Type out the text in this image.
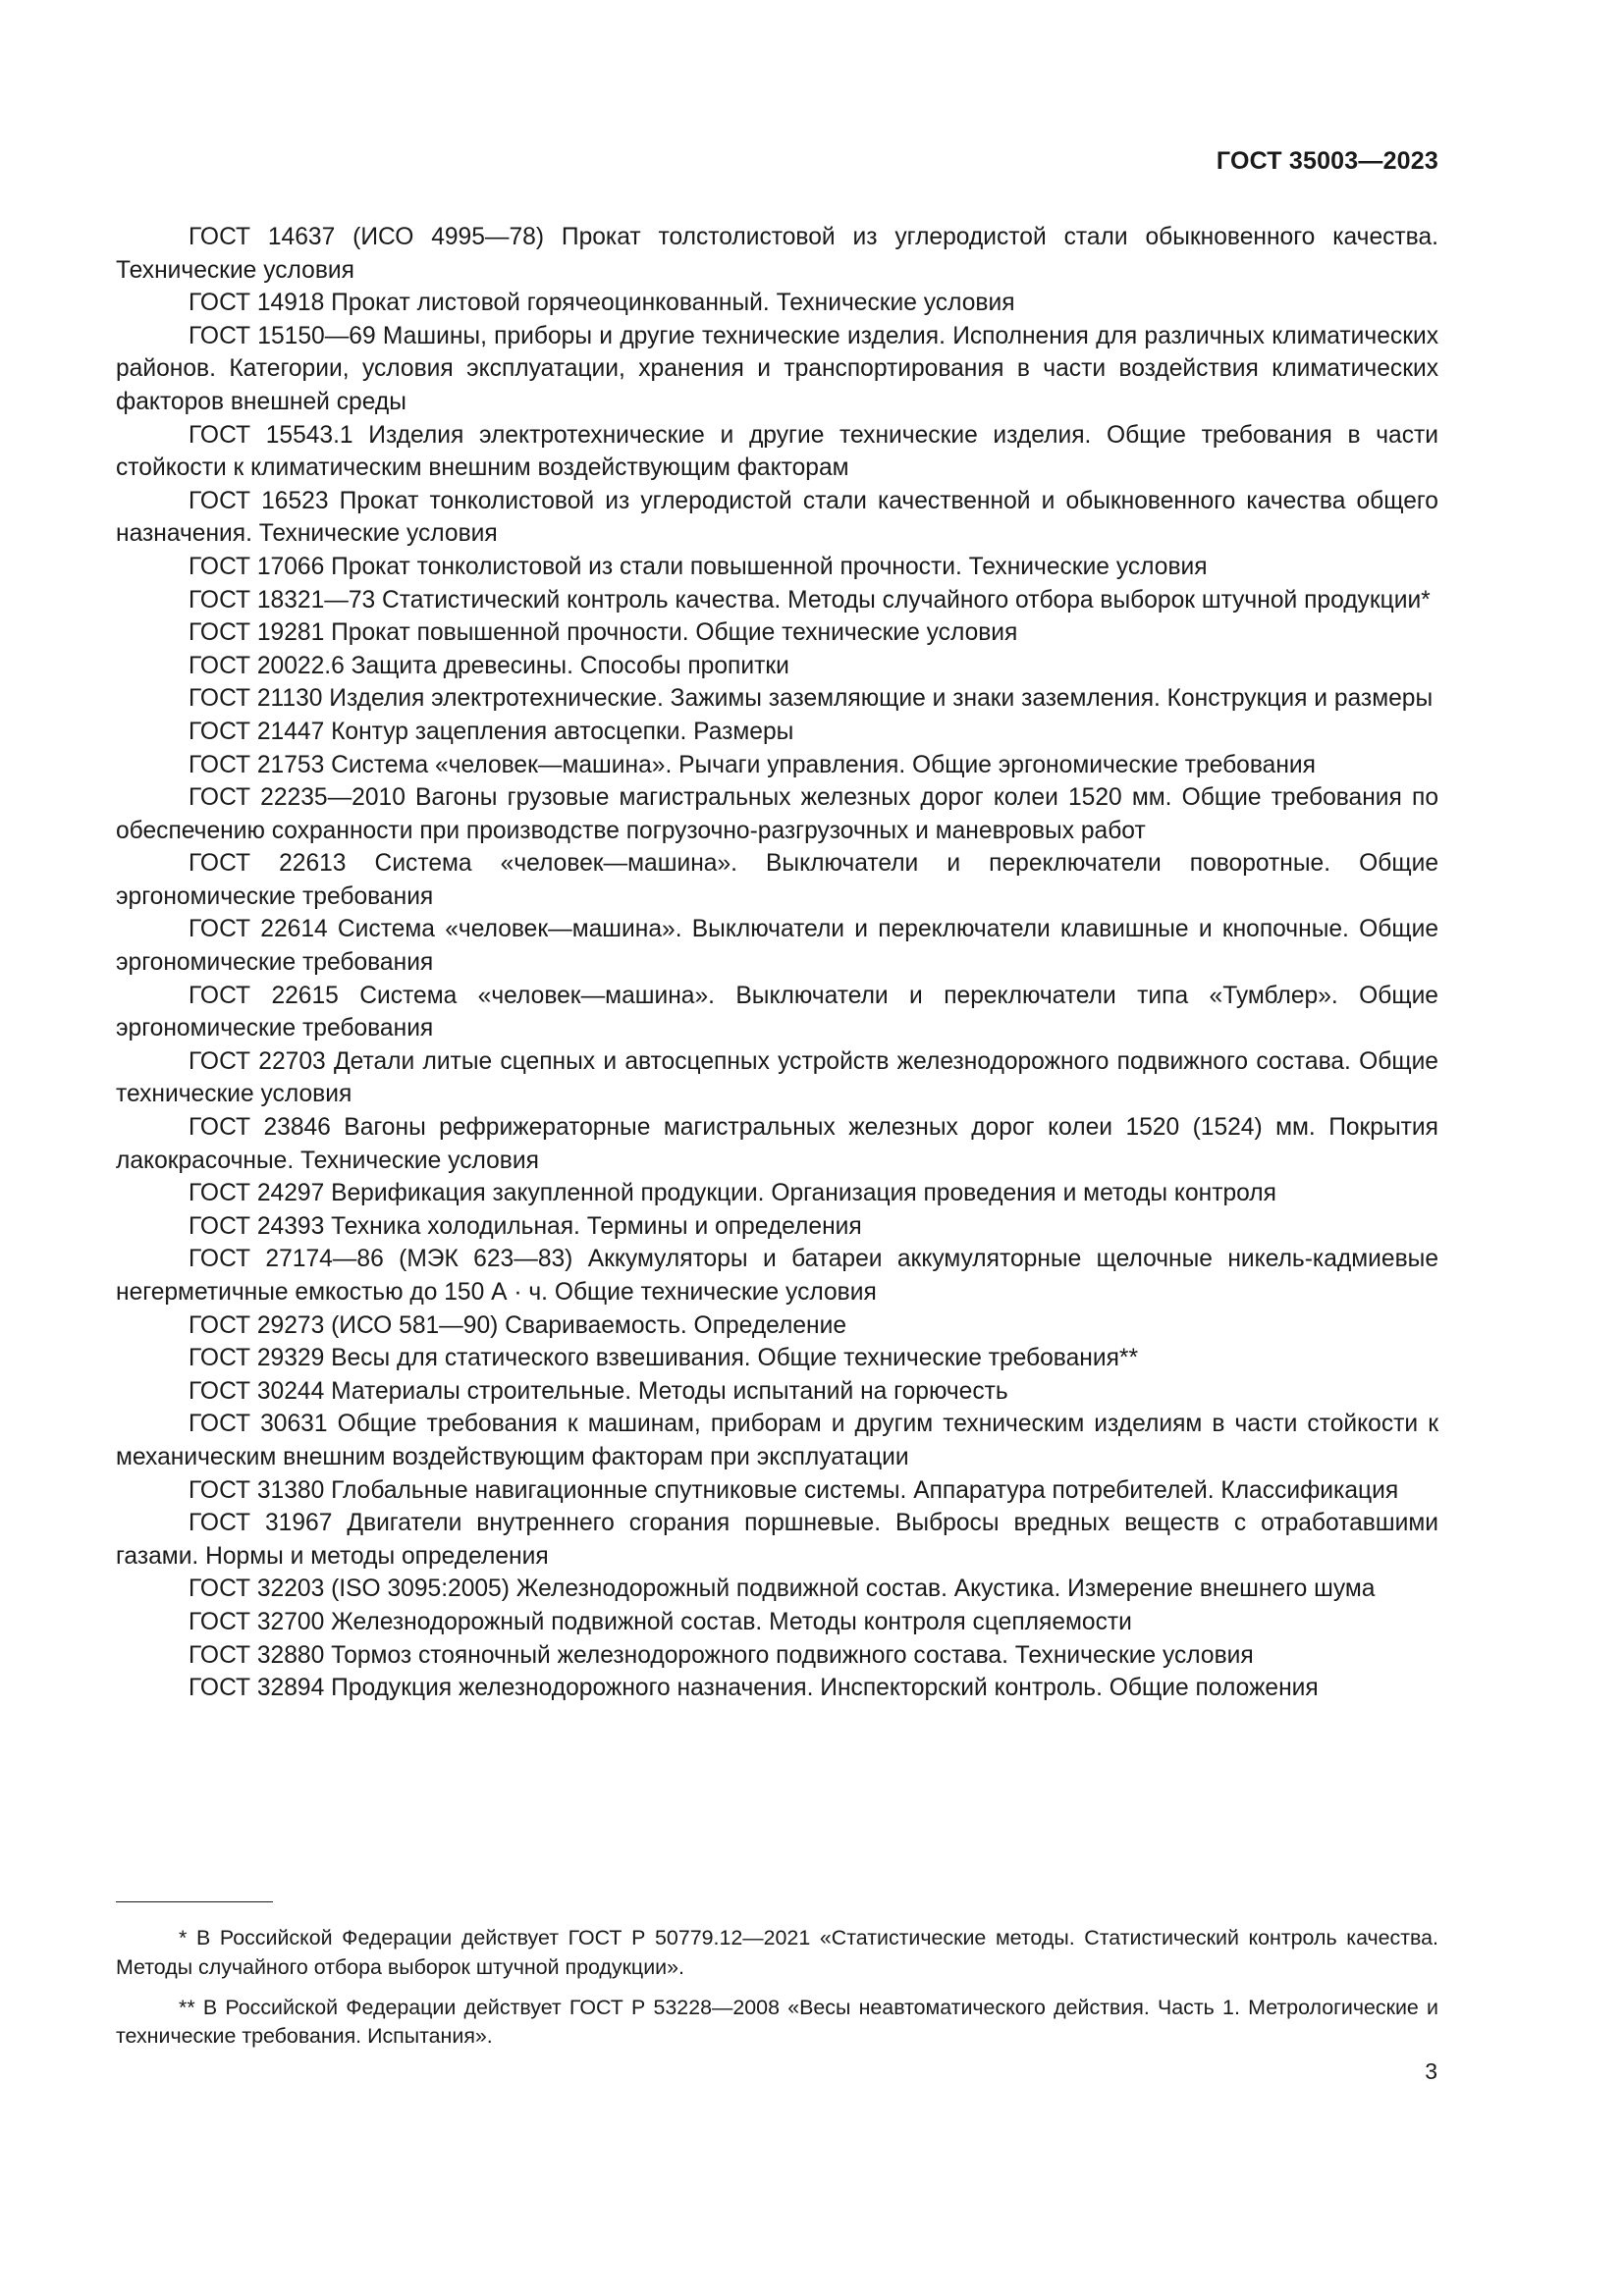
ГОСТ 35003—2023

ГОСТ 14637 (ИСО 4995—78) Прокат толстолистовой из углеродистой стали обыкновенного качества. Технические условия

ГОСТ 14918 Прокат листовой горячеоцинкованный. Технические условия

ГОСТ 15150—69 Машины, приборы и другие технические изделия. Исполнения для различных климатических районов. Категории, условия эксплуатации, хранения и транспортирования в части воздействия климатических факторов внешней среды

ГОСТ 15543.1 Изделия электротехнические и другие технические изделия. Общие требования в части стойкости к климатическим внешним воздействующим факторам

ГОСТ 16523 Прокат тонколистовой из углеродистой стали качественной и обыкновенного качества общего назначения. Технические условия

ГОСТ 17066 Прокат тонколистовой из стали повышенной прочности. Технические условия

ГОСТ 18321—73 Статистический контроль качества. Методы случайного отбора выборок штучной продукции*

ГОСТ 19281 Прокат повышенной прочности. Общие технические условия

ГОСТ 20022.6 Защита древесины. Способы пропитки

ГОСТ 21130 Изделия электротехнические. Зажимы заземляющие и знаки заземления. Конструкция и размеры

ГОСТ 21447 Контур зацепления автосцепки. Размеры

ГОСТ 21753 Система «человек—машина». Рычаги управления. Общие эргономические требования

ГОСТ 22235—2010 Вагоны грузовые магистральных железных дорог колеи 1520 мм. Общие требования по обеспечению сохранности при производстве погрузочно-разгрузочных и маневровых работ

ГОСТ 22613 Система «человек—машина». Выключатели и переключатели поворотные. Общие эргономические требования

ГОСТ 22614 Система «человек—машина». Выключатели и переключатели клавишные и кнопочные. Общие эргономические требования

ГОСТ 22615 Система «человек—машина». Выключатели и переключатели типа «Тумблер». Общие эргономические требования

ГОСТ 22703 Детали литые сцепных и автосцепных устройств железнодорожного подвижного состава. Общие технические условия

ГОСТ 23846 Вагоны рефрижераторные магистральных железных дорог колеи 1520 (1524) мм. Покрытия лакокрасочные. Технические условия

ГОСТ 24297 Верификация закупленной продукции. Организация проведения и методы контроля

ГОСТ 24393 Техника холодильная. Термины и определения

ГОСТ 27174—86 (МЭК 623—83) Аккумуляторы и батареи аккумуляторные щелочные никель-кадмиевые негерметичные емкостью до 150 А · ч. Общие технические условия

ГОСТ 29273 (ИСО 581—90) Свариваемость. Определение

ГОСТ 29329 Весы для статического взвешивания. Общие технические требования**

ГОСТ 30244 Материалы строительные. Методы испытаний на горючесть

ГОСТ 30631 Общие требования к машинам, приборам и другим техническим изделиям в части стойкости к механическим внешним воздействующим факторам при эксплуатации

ГОСТ 31380 Глобальные навигационные спутниковые системы. Аппаратура потребителей. Классификация

ГОСТ 31967 Двигатели внутреннего сгорания поршневые. Выбросы вредных веществ с отработавшими газами. Нормы и методы определения

ГОСТ 32203 (ISO 3095:2005) Железнодорожный подвижной состав. Акустика. Измерение внешнего шума

ГОСТ 32700 Железнодорожный подвижной состав. Методы контроля сцепляемости

ГОСТ 32880 Тормоз стояночный железнодорожного подвижного состава. Технические условия

ГОСТ 32894 Продукция железнодорожного назначения. Инспекторский контроль. Общие положения

* В Российской Федерации действует ГОСТ Р 50779.12—2021 «Статистические методы. Статистический контроль качества. Методы случайного отбора выборок штучной продукции».

** В Российской Федерации действует ГОСТ Р 53228—2008 «Весы неавтоматического действия. Часть 1. Метрологические и технические требования. Испытания».

3
